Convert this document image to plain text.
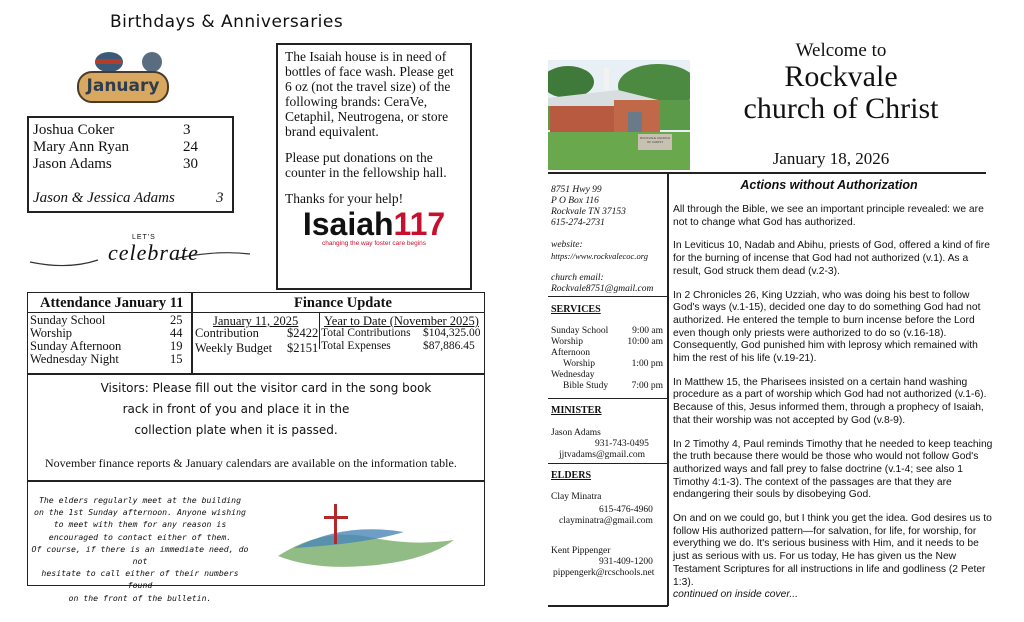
Birthdays & Anniversaries
January
Joshua Coker	3
Mary Ann Ryan	24
Jason Adams	30
Jason & Jessica Adams	3
LET'S
celebrate

The Isaiah house is in need of bottles of face wash. Please get 6 oz (not the travel size) of the following brands: CeraVe, Cetaphil, Neutrogena, or store brand equivalent.

Please put donations on the counter in the fellowship hall.

Thanks for your help!

Isaiah117
changing the way foster care begins
Attendance January 11
Sunday School	25
Worship	44
Sunday Afternoon	19
Wednesday Night	15
Finance Update
January 11, 2025
Contribution	$2422
Weekly Budget	$2151
Year to Date (November 2025)
Total Contributions	$104,325.00
Total Expenses	$87,886.45
Visitors: Please fill out the visitor card in the song book
rack in front of you and place it in the
collection plate when it is passed.
November finance reports & January calendars are available on the information table.
The elders regularly meet at the building
on the 1st Sunday afternoon. Anyone wishing
to meet with them for any reason is
encouraged to contact either of them.
Of course, if there is an immediate need, do not
hesitate to call either of their numbers found
on the front of the bulletin.
ROCKVALE CHURCH OF CHRIST
Welcome to
Rockvale
church of Christ
January 18, 2026
8751 Hwy 99
P O Box 116
Rockvale TN 37153
615-274-2731
website:
https://www.rockvalecoc.org
church email:
Rockvale8751@gmail.com
SERVICES
Sunday School	9:00 am
Worship	10:00 am
Afternoon
Worship	1:00 pm
Wednesday
Bible Study 7:00 pm
MINISTER
Jason Adams
931-743-0495
jjtvadams@gmail.com
ELDERS
Clay Minatra
615-476-4960
clayminatra@gmail.com
Kent Pippenger
931-409-1200
pippengerk@rcschools.net
Actions without Authorization

All through the Bible, we see an important principle revealed: we are not to change what God has authorized.

In Leviticus 10, Nadab and Abihu, priests of God, offered a kind of fire for the burning of incense that God had not authorized (v.1). As a result, God struck them dead (v.2-3).

In 2 Chronicles 26, King Uzziah, who was doing his best to follow God's ways (v.1-15), decided one day to do something God had not authorized. He entered the temple to burn incense before the Lord even though only priests were authorized to do so (v.16-18). Consequently, God punished him with leprosy which remained with him the rest of his life (v.19-21).

In Matthew 15, the Pharisees insisted on a certain hand washing procedure as a part of worship which God had not authorized (v.1-6). Because of this, Jesus informed them, through a prophecy of Isaiah, that their worship was not accepted by God (v.8-9).

In 2 Timothy 4, Paul reminds Timothy that he needed to keep teaching the truth because there would be those who would not follow God's authorized ways and fall prey to false doctrine (v.1-4; see also 1 Timothy 4:1-3). The context of the passages are that they are endangering their souls by disobeying God.

On and on we could go, but I think you get the idea. God desires us to follow His authorized pattern—for salvation, for life, for worship, for everything we do. It's serious business with Him, and it needs to be just as serious with us. For us today, He has given us the New Testament Scriptures for all instructions in life and godliness (2 Peter 1:3).

continued on inside cover...
